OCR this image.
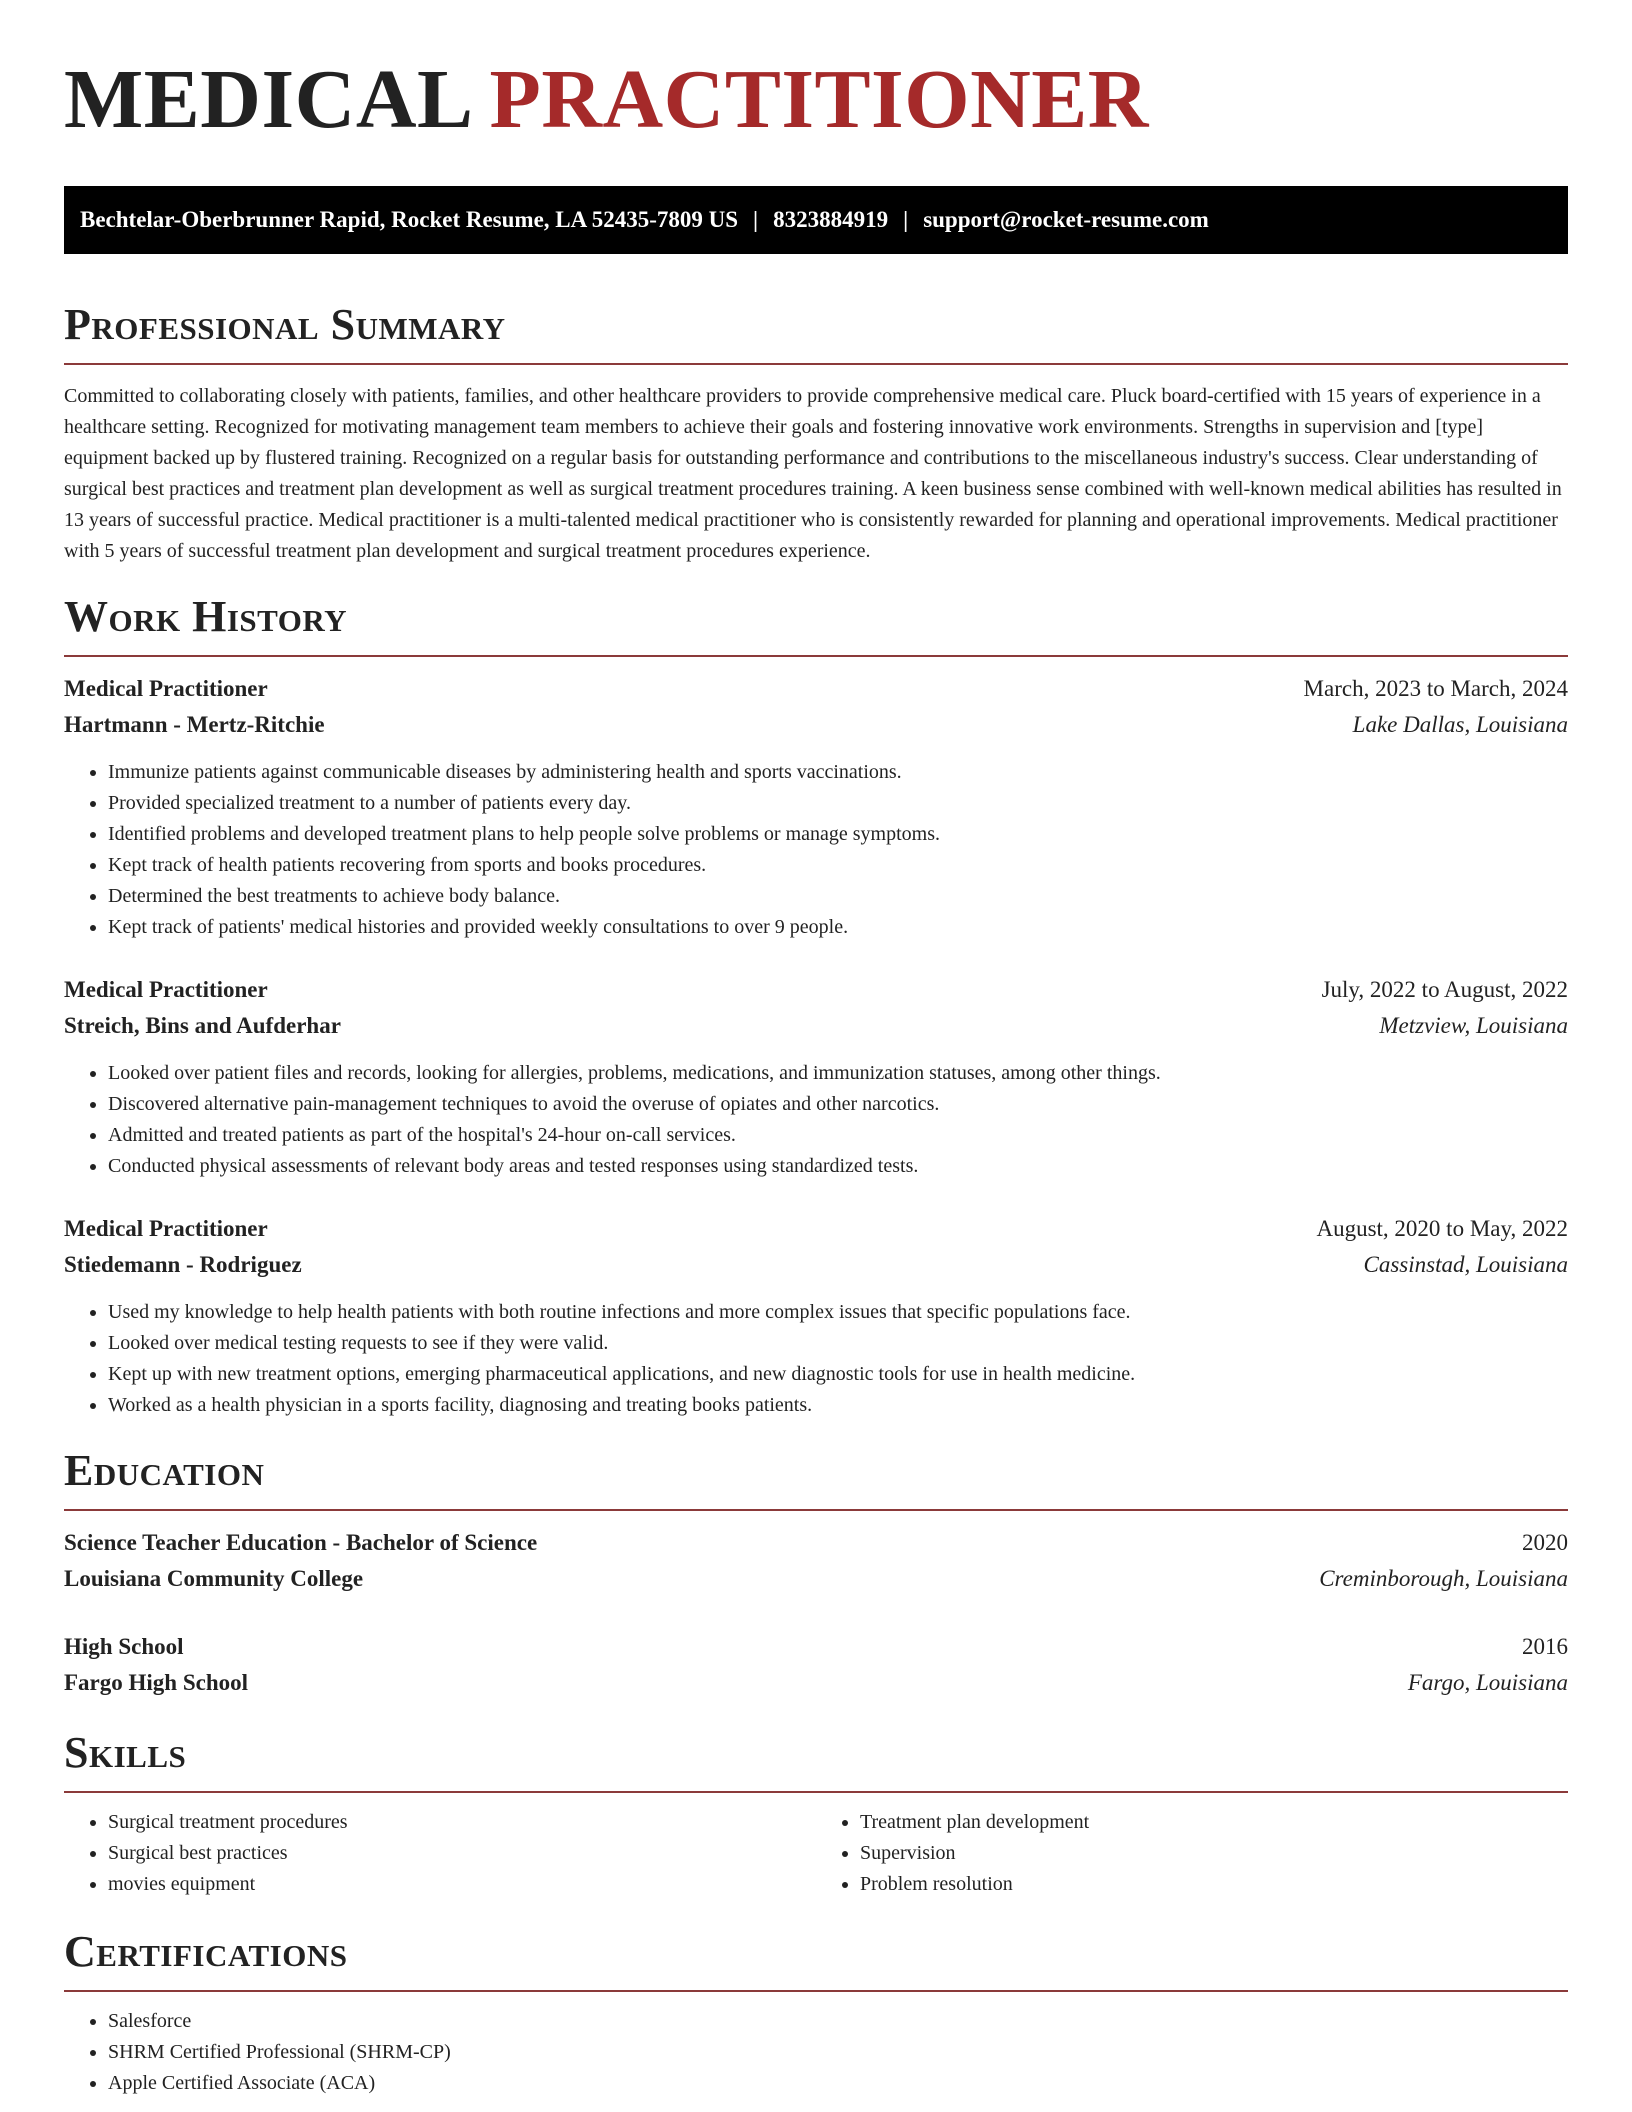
MEDICAL PRACTITIONER
Bechtelar-Oberbrunner Rapid, Rocket Resume, LA 52435-7809 US | 8323884919 | support@rocket-resume.com
Professional Summary

Committed to collaborating closely with patients, families, and other healthcare providers to provide comprehensive medical care. Pluck board-certified with 15 years of experience in a healthcare setting. Recognized for motivating management team members to achieve their goals and fostering innovative work environments. Strengths in supervision and [type] equipment backed up by flustered training. Recognized on a regular basis for outstanding performance and contributions to the miscellaneous industry's success. Clear understanding of surgical best practices and treatment plan development as well as surgical treatment procedures training. A keen business sense combined with well-known medical abilities has resulted in 13 years of successful practice. Medical practitioner is a multi-talented medical practitioner who is consistently rewarded for planning and operational improvements. Medical practitioner with 5 years of successful treatment plan development and surgical treatment procedures experience.

Work History
Medical Practitioner	March, 2023 to March, 2024
Hartmann - Mertz-Ritchie	Lake Dallas, Louisiana
• Immunize patients against communicable diseases by administering health and sports vaccinations.
• Provided specialized treatment to a number of patients every day.
• Identified problems and developed treatment plans to help people solve problems or manage symptoms.
• Kept track of health patients recovering from sports and books procedures.
• Determined the best treatments to achieve body balance.
• Kept track of patients' medical histories and provided weekly consultations to over 9 people.
Medical Practitioner	July, 2022 to August, 2022
Streich, Bins and Aufderhar	Metzview, Louisiana
• Looked over patient files and records, looking for allergies, problems, medications, and immunization statuses, among other things.
• Discovered alternative pain-management techniques to avoid the overuse of opiates and other narcotics.
• Admitted and treated patients as part of the hospital's 24-hour on-call services.
• Conducted physical assessments of relevant body areas and tested responses using standardized tests.
Medical Practitioner	August, 2020 to May, 2022
Stiedemann - Rodriguez	Cassinstad, Louisiana
• Used my knowledge to help health patients with both routine infections and more complex issues that specific populations face.
• Looked over medical testing requests to see if they were valid.
• Kept up with new treatment options, emerging pharmaceutical applications, and new diagnostic tools for use in health medicine.
• Worked as a health physician in a sports facility, diagnosing and treating books patients.
Education
Science Teacher Education - Bachelor of Science	2020
Louisiana Community College	Creminborough, Louisiana
High School	2016
Fargo High School	Fargo, Louisiana
Skills
• Surgical treatment procedures
• Surgical best practices
• movies equipment
• Treatment plan development
• Supervision
• Problem resolution
Certifications
• Salesforce
• SHRM Certified Professional (SHRM-CP)
• Apple Certified Associate (ACA)
